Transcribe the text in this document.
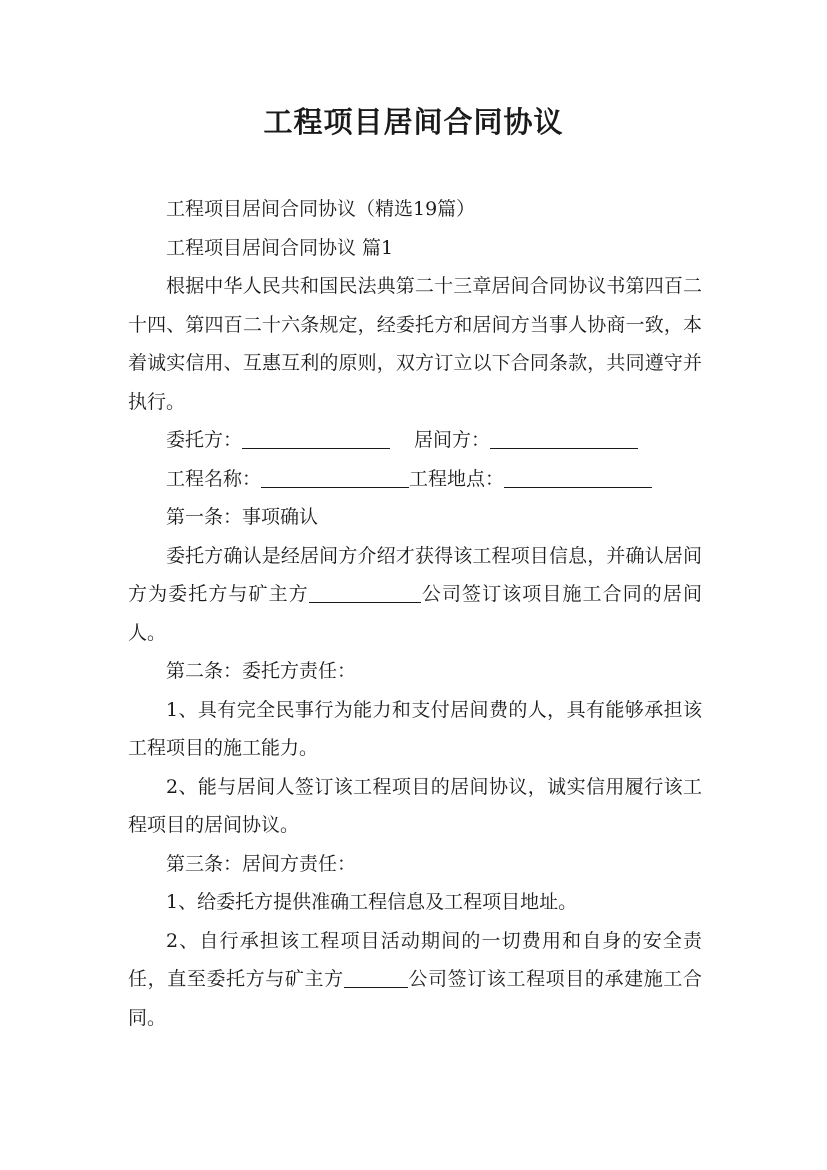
工程项目居间合同协议

工程项目居间合同协议（精选19篇）

工程项目居间合同协议 篇1

根据中华人民共和国民法典第二十三章居间合同协议书第四百二十四、第四百二十六条规定，经委托方和居间方当事人协商一致，本着诚实信用、互惠互利的原则，双方订立以下合同条款，共同遵守并执行。

委托方：	居间方：

工程名称：	工程地点：

第一条：事项确认

委托方确认是经居间方介绍才获得该工程项目信息，并确认居间方为委托方与矿主方	公司签订该项目施工合同的居间人。

第二条：委托方责任：

1、具有完全民事行为能力和支付居间费的人，具有能够承担该工程项目的施工能力。

2、能与居间人签订该工程项目的居间协议，诚实信用履行该工程项目的居间协议。

第三条：居间方责任：

1、给委托方提供准确工程信息及工程项目地址。

2、自行承担该工程项目活动期间的一切费用和自身的安全责任，直至委托方与矿主方	公司签订该工程项目的承建施工合同。
